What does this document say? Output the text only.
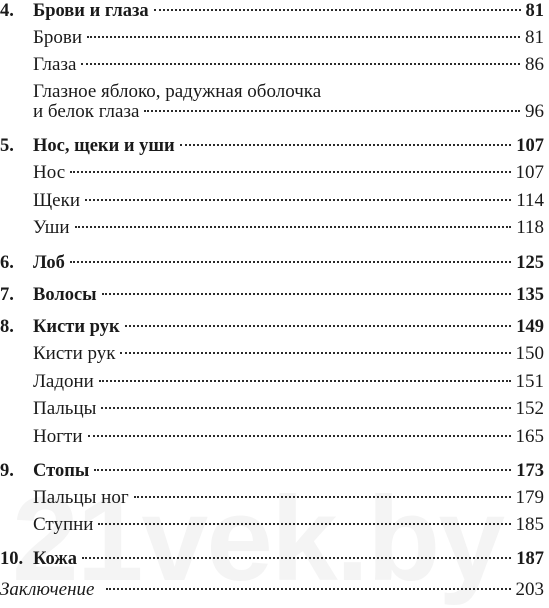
4.	Брови и глаза	81
Брови	81
Глаза	86
Глазное яблоко, радужная оболочка
и белок глаза	96
5.	Нос, щеки и уши	107
Нос	107
Щеки	114
Уши	118
6.	Лоб	125
7.	Волосы	135
8.	Кисти рук	149
Кисти рук	150
Ладони	151
Пальцы	152
Ногти	165
9.	Стопы	173
Пальцы ног	179
Ступни	185
10. Кожа	187
Заключение	203
